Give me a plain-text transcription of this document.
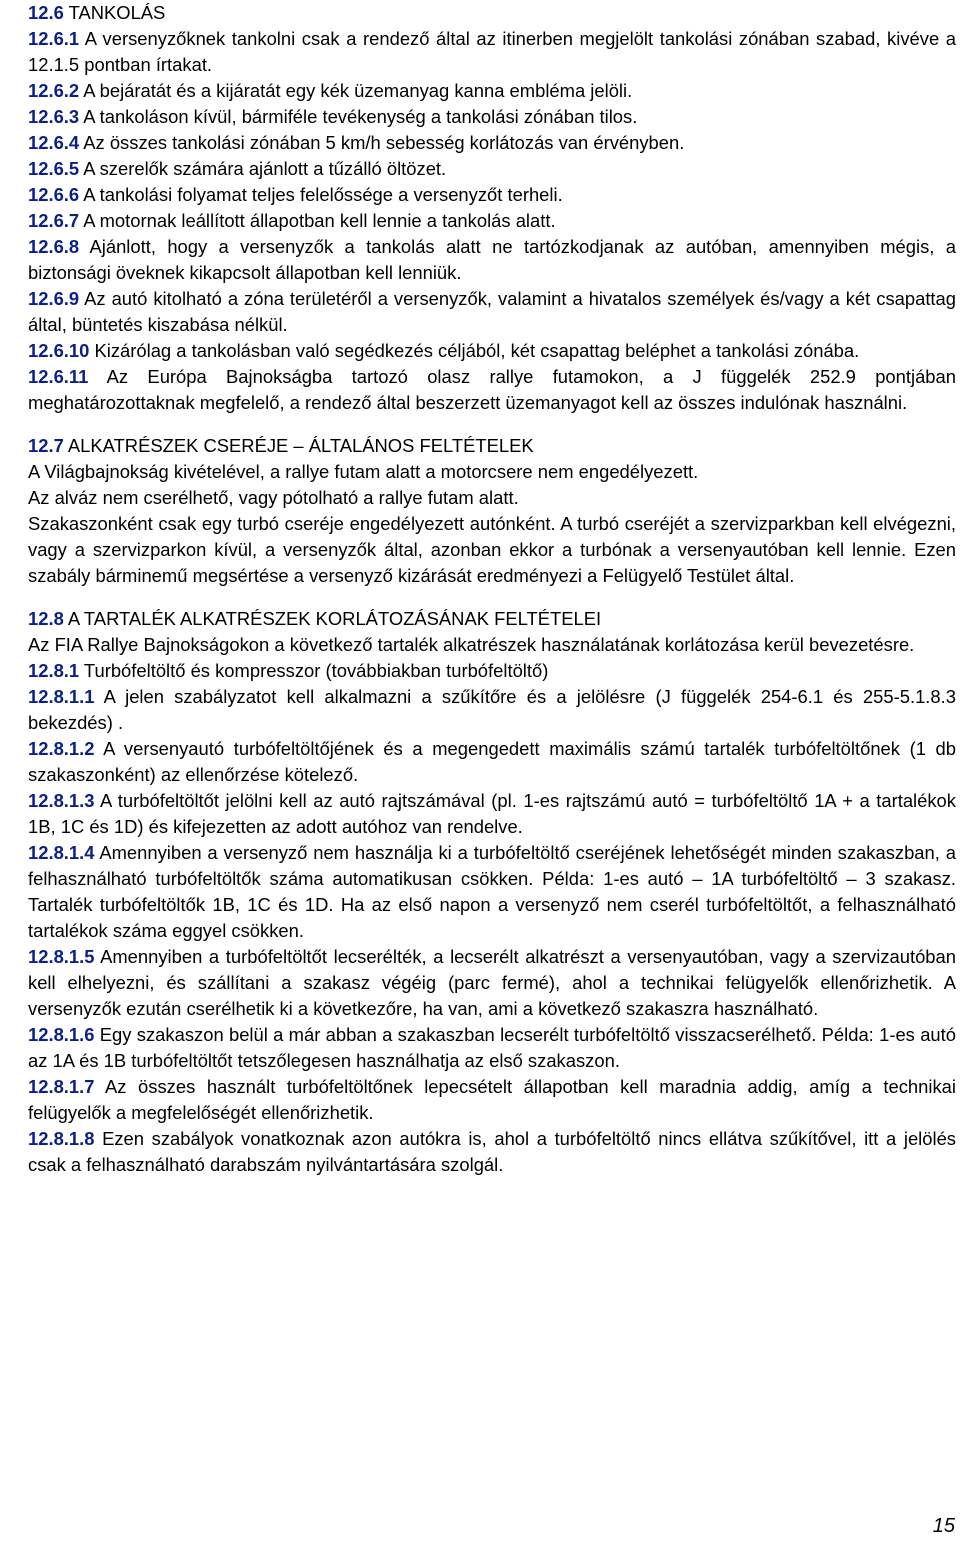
12.6 TANKOLÁS

12.6.1 A versenyzőknek tankolni csak a rendező által az itinerben megjelölt tankolási zónában szabad, kivéve a 12.1.5 pontban írtakat.

12.6.2 A bejáratát és a kijáratát egy kék üzemanyag kanna embléma jelöli.

12.6.3 A tankoláson kívül, bármiféle tevékenység a tankolási zónában tilos.

12.6.4 Az összes tankolási zónában 5 km/h sebesség korlátozás van érvényben.

12.6.5 A szerelők számára ajánlott a tűzálló öltözet.

12.6.6 A tankolási folyamat teljes felelőssége a versenyzőt terheli.

12.6.7 A motornak leállított állapotban kell lennie a tankolás alatt.

12.6.8 Ajánlott, hogy a versenyzők a tankolás alatt ne tartózkodjanak az autóban, amennyiben mégis, a biztonsági öveknek kikapcsolt állapotban kell lenniük.

12.6.9 Az autó kitolható a zóna területéről a versenyzők, valamint a hivatalos személyek és/vagy a két csapattag által, büntetés kiszabása nélkül.

12.6.10 Kizárólag a tankolásban való segédkezés céljából, két csapattag beléphet a tankolási zónába.

12.6.11 Az Európa Bajnokságba tartozó olasz rallye futamokon, a J függelék 252.9 pontjában meghatározottaknak megfelelő, a rendező által beszerzett üzemanyagot kell az összes indulónak használni.

12.7 ALKATRÉSZEK CSERÉJE – ÁLTALÁNOS FELTÉTELEK

A Világbajnokság kivételével, a rallye futam alatt a motorcsere nem engedélyezett.

Az alváz nem cserélhető, vagy pótolható a rallye futam alatt.

Szakaszonként csak egy turbó cseréje engedélyezett autónként. A turbó cseréjét a szervizparkban kell elvégezni, vagy a szervizparkon kívül, a versenyzők által, azonban ekkor a turbónak a versenyautóban kell lennie. Ezen szabály bárminemű megsértése a versenyző kizárását eredményezi a Felügyelő Testület által.

12.8 A TARTALÉK ALKATRÉSZEK KORLÁTOZÁSÁNAK FELTÉTELEI

Az FIA Rallye Bajnokságokon a következő tartalék alkatrészek használatának korlátozása kerül bevezetésre.

12.8.1 Turbófeltöltő és kompresszor (továbbiakban turbófeltöltő)

12.8.1.1 A jelen szabályzatot kell alkalmazni a szűkítőre és a jelölésre (J függelék 254-6.1 és 255-5.1.8.3 bekezdés) .

12.8.1.2 A versenyautó turbófeltöltőjének és a megengedett maximális számú tartalék turbófeltöltőnek (1 db szakaszonként) az ellenőrzése kötelező.

12.8.1.3 A turbófeltöltőt jelölni kell az autó rajtszámával (pl. 1-es rajtszámú autó = turbófeltöltő 1A + a tartalékok 1B, 1C és 1D) és kifejezetten az adott autóhoz van rendelve.

12.8.1.4 Amennyiben a versenyző nem használja ki a turbófeltöltő cseréjének lehetőségét minden szakaszban, a felhasználható turbófeltöltők száma automatikusan csökken. Példa: 1-es autó – 1A turbófeltöltő – 3 szakasz. Tartalék turbófeltöltők 1B, 1C és 1D. Ha az első napon a versenyző nem cserél turbófeltöltőt, a felhasználható tartalékok száma eggyel csökken.

12.8.1.5 Amennyiben a turbófeltöltőt lecserélték, a lecserélt alkatrészt a versenyautóban, vagy a szervizautóban kell elhelyezni, és szállítani a szakasz végéig (parc fermé), ahol a technikai felügyelők ellenőrizhetik. A versenyzők ezután cserélhetik ki a következőre, ha van, ami a következő szakaszra használható.

12.8.1.6 Egy szakaszon belül a már abban a szakaszban lecserélt turbófeltöltő visszacserélhető. Példa: 1-es autó az 1A és 1B turbófeltöltőt tetszőlegesen használhatja az első szakaszon.

12.8.1.7 Az összes használt turbófeltöltőnek lepecsételt állapotban kell maradnia addig, amíg a technikai felügyelők a megfelelőségét ellenőrizhetik.

12.8.1.8 Ezen szabályok vonatkoznak azon autókra is, ahol a turbófeltöltő nincs ellátva szűkítővel, itt a jelölés csak a felhasználható darabszám nyilvántartására szolgál.

15
